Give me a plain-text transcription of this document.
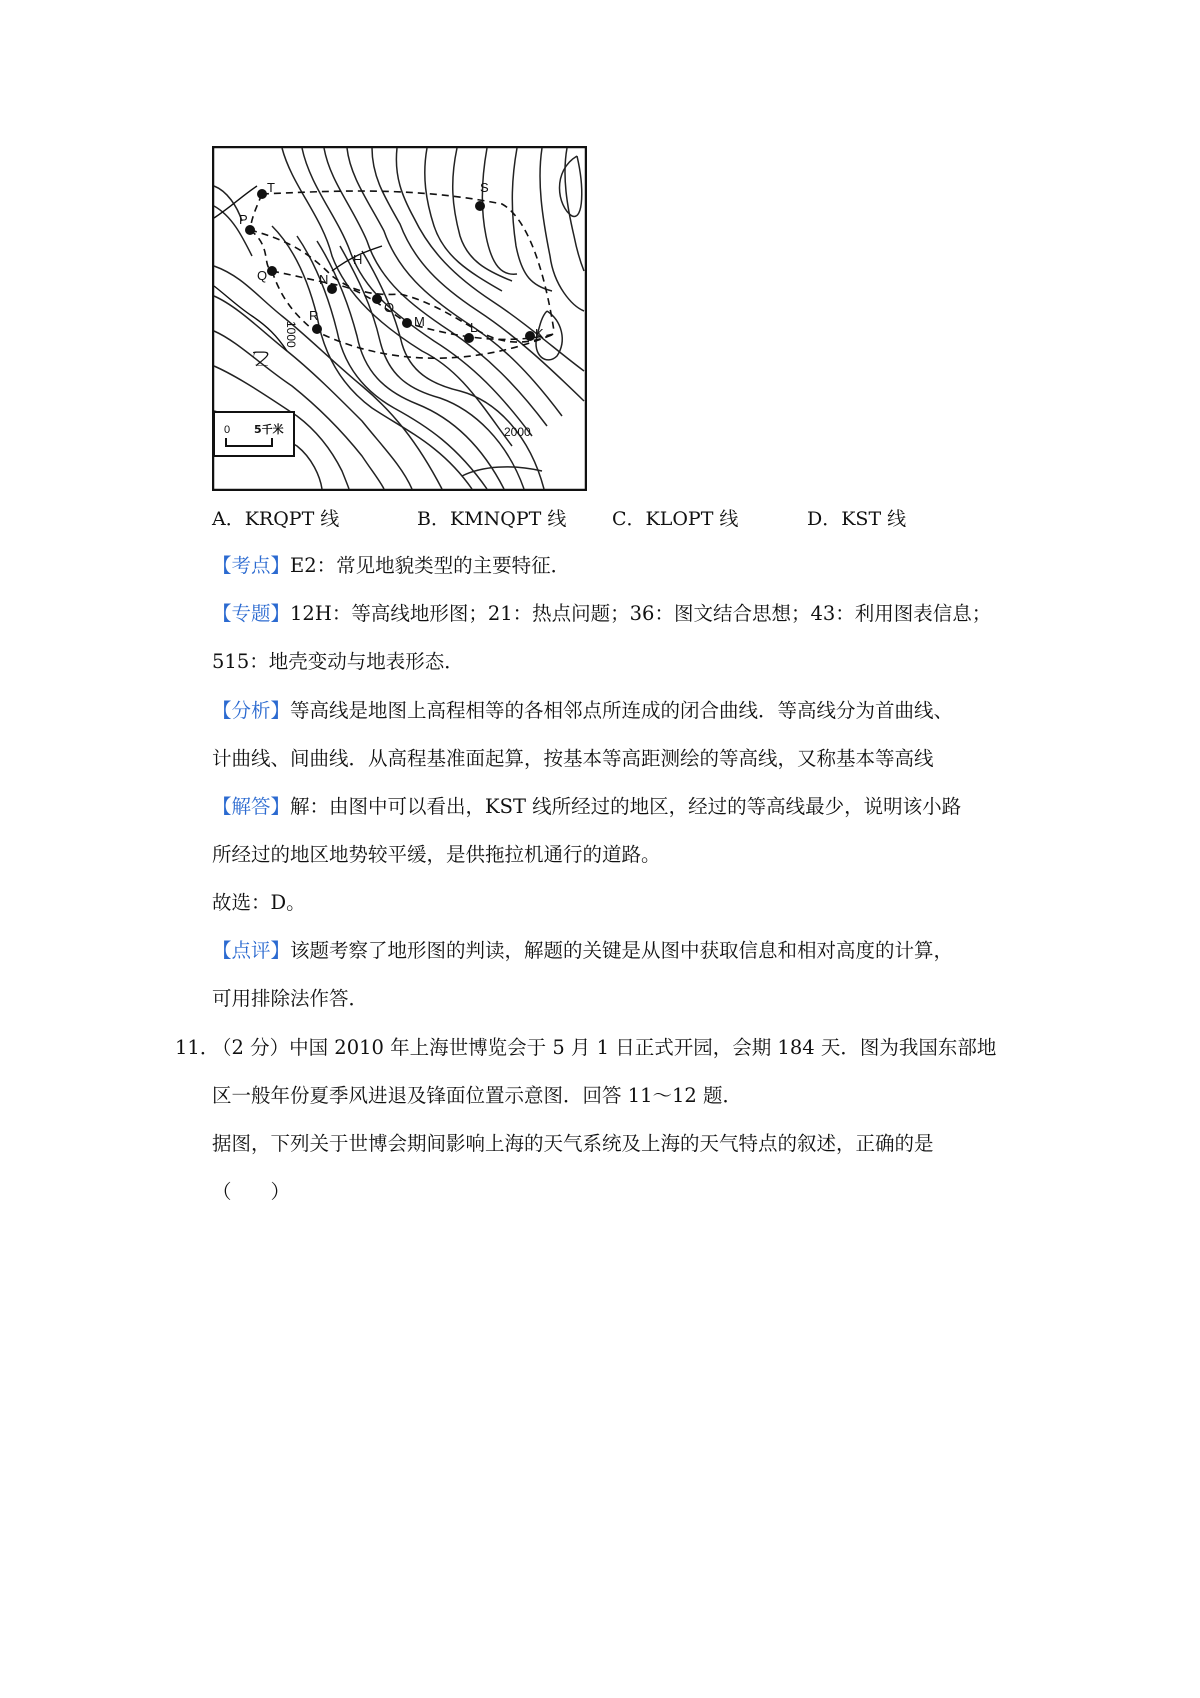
T
P
Q	N
H
R
O
M	L
S
K
1000
2000
乙
0 5千米
A．KRQPT 线	B．KMNQPT 线 C．KLOPT 线	D．KST 线
【考点】E2：常见地貌类型的主要特征．
【专题】12H：等高线地形图；21：热点问题；36：图文结合思想；43：利用图表信息；
515：地壳变动与地表形态．
【分析】等高线是地图上高程相等的各相邻点所连成的闭合曲线．等高线分为首曲线、
计曲线、间曲线．从高程基准面起算，按基本等高距测绘的等高线，又称基本等高线
【解答】解：由图中可以看出，KST 线所经过的地区，经过的等高线最少，说明该小路
所经过的地区地势较平缓，是供拖拉机通行的道路。
故选：D。
【点评】该题考察了地形图的判读，解题的关键是从图中获取信息和相对高度的计算，
可用排除法作答．
11．
（2 分）中国 2010 年上海世博览会于 5 月 1 日正式开园，会期 184 天．图为我国东部地
区一般年份夏季风进退及锋面位置示意图．回答 11～12 题．
据图，下列关于世博会期间影响上海的天气系统及上海的天气特点的叙述，正确的是
（　　）
